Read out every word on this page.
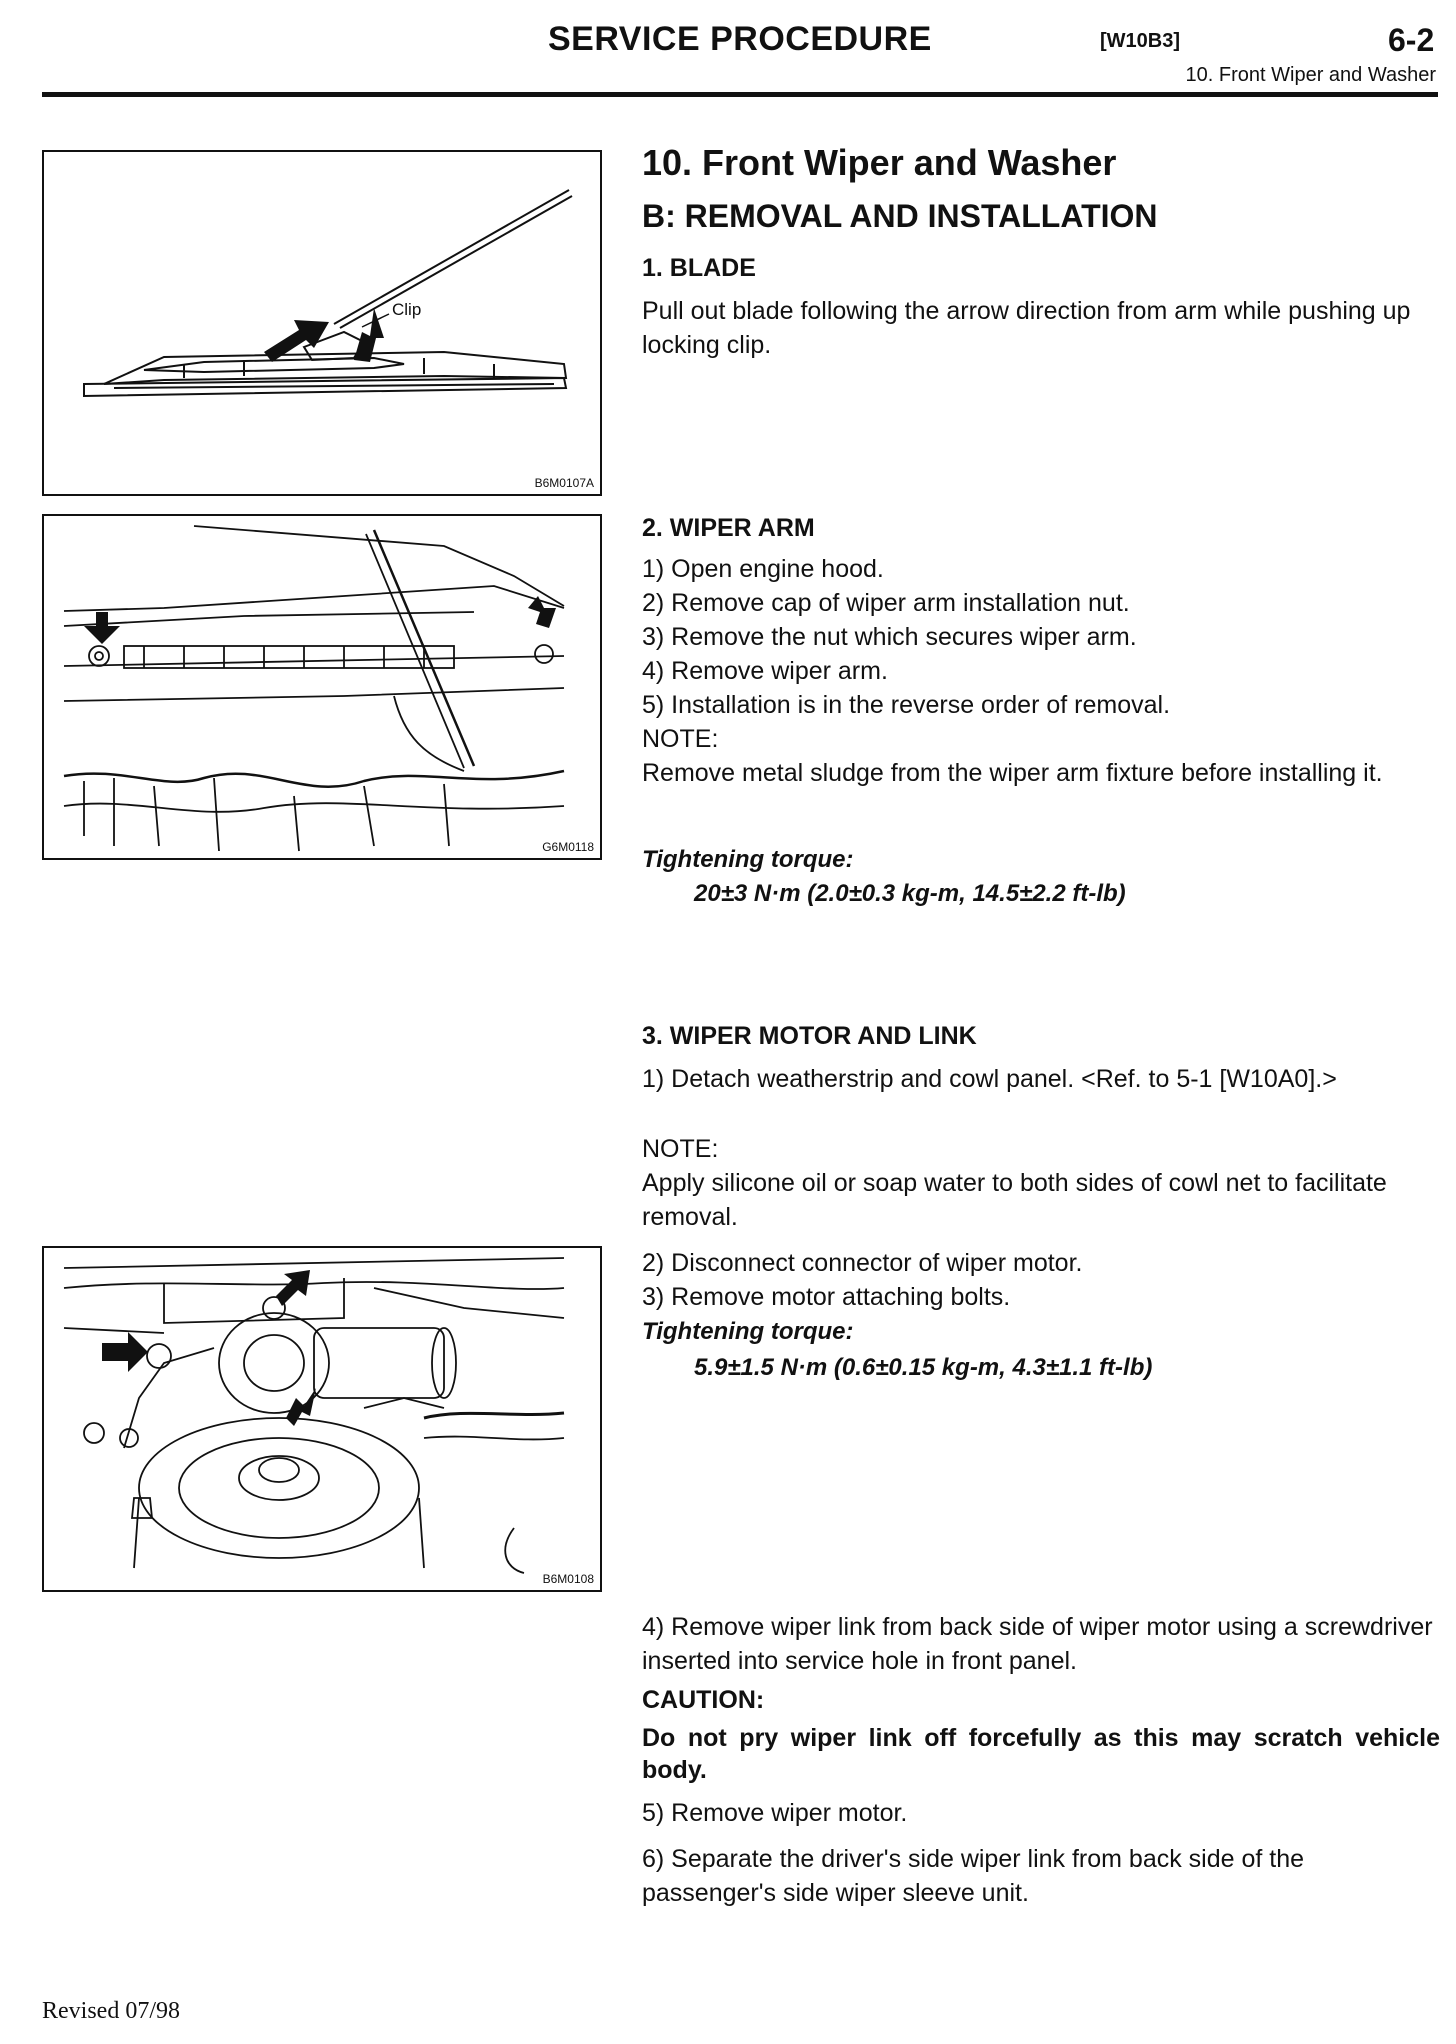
SERVICE PROCEDURE	[W10B3]	6-2
10. Front Wiper and Washer
Clip
B6M0107A
G6M0118
B6M0108
10. Front Wiper and Washer
B: REMOVAL AND INSTALLATION
1. BLADE
Pull out blade following the arrow direction from arm while pushing up locking clip.
2. WIPER ARM
1) Open engine hood.
2) Remove cap of wiper arm installation nut.
3) Remove the nut which secures wiper arm.
4) Remove wiper arm.
5) Installation is in the reverse order of removal.
NOTE:
Remove metal sludge from the wiper arm fixture before installing it.
Tightening torque:
20±3 N·m (2.0±0.3 kg-m, 14.5±2.2 ft-lb)
3. WIPER MOTOR AND LINK
1) Detach weatherstrip and cowl panel. <Ref. to 5-1 [W10A0].>
NOTE:
Apply silicone oil or soap water to both sides of cowl net to facilitate removal.
2) Disconnect connector of wiper motor.
3) Remove motor attaching bolts.
Tightening torque:
5.9±1.5 N·m (0.6±0.15 kg-m, 4.3±1.1 ft-lb)
4) Remove wiper link from back side of wiper motor using a screwdriver inserted into service hole in front panel.
CAUTION:
Do not pry wiper link off forcefully as this may scratch vehicle body.
5) Remove wiper motor.
6) Separate the driver's side wiper link from back side of the passenger's side wiper sleeve unit.
Revised 07/98
